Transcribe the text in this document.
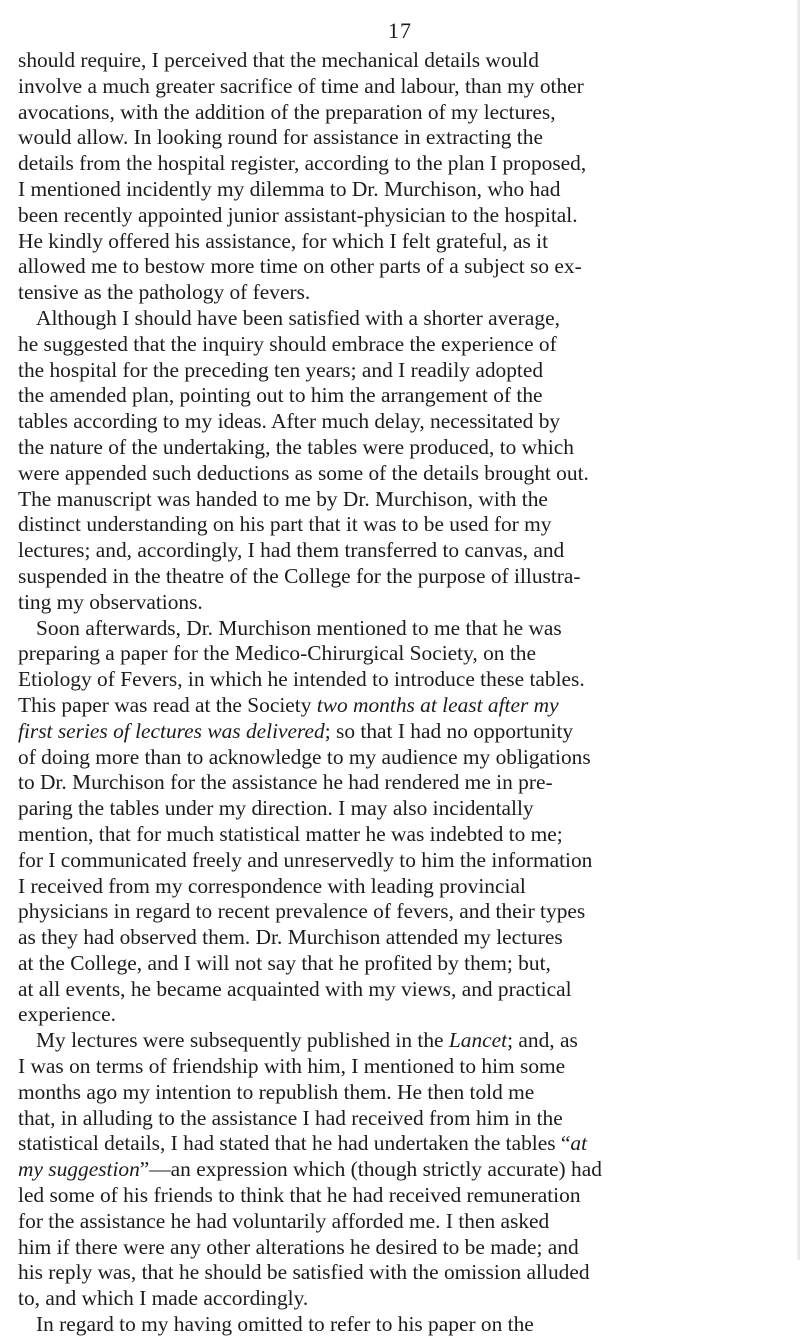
17
should require, I perceived that the mechanical details would
involve a much greater sacrifice of time and labour, than my other
avocations, with the addition of the preparation of my lectures,
would allow. In looking round for assistance in extracting the
details from the hospital register, according to the plan I proposed,
I mentioned incidently my dilemma to Dr. Murchison, who had
been recently appointed junior assistant-physician to the hospital.
He kindly offered his assistance, for which I felt grateful, as it
allowed me to bestow more time on other parts of a subject so ex-
tensive as the pathology of fevers.
Although I should have been satisfied with a shorter average,
he suggested that the inquiry should embrace the experience of
the hospital for the preceding ten years; and I readily adopted
the amended plan, pointing out to him the arrangement of the
tables according to my ideas. After much delay, necessitated by
the nature of the undertaking, the tables were produced, to which
were appended such deductions as some of the details brought out.
The manuscript was handed to me by Dr. Murchison, with the
distinct understanding on his part that it was to be used for my
lectures; and, accordingly, I had them transferred to canvas, and
suspended in the theatre of the College for the purpose of illustra-
ting my observations.
Soon afterwards, Dr. Murchison mentioned to me that he was
preparing a paper for the Medico-Chirurgical Society, on the
Etiology of Fevers, in which he intended to introduce these tables.
This paper was read at the Society two months at least after my
first series of lectures was delivered; so that I had no opportunity
of doing more than to acknowledge to my audience my obligations
to Dr. Murchison for the assistance he had rendered me in pre-
paring the tables under my direction. I may also incidentally
mention, that for much statistical matter he was indebted to me;
for I communicated freely and unreservedly to him the information
I received from my correspondence with leading provincial
physicians in regard to recent prevalence of fevers, and their types
as they had observed them. Dr. Murchison attended my lectures
at the College, and I will not say that he profited by them; but,
at all events, he became acquainted with my views, and practical
experience.
My lectures were subsequently published in the Lancet; and, as
I was on terms of friendship with him, I mentioned to him some
months ago my intention to republish them. He then told me
that, in alluding to the assistance I had received from him in the
statistical details, I had stated that he had undertaken the tables “at
my suggestion”—an expression which (though strictly accurate) had
led some of his friends to think that he had received remuneration
for the assistance he had voluntarily afforded me. I then asked
him if there were any other alterations he desired to be made; and
his reply was, that he should be satisfied with the omission alluded
to, and which I made accordingly.
In regard to my having omitted to refer to his paper on the
